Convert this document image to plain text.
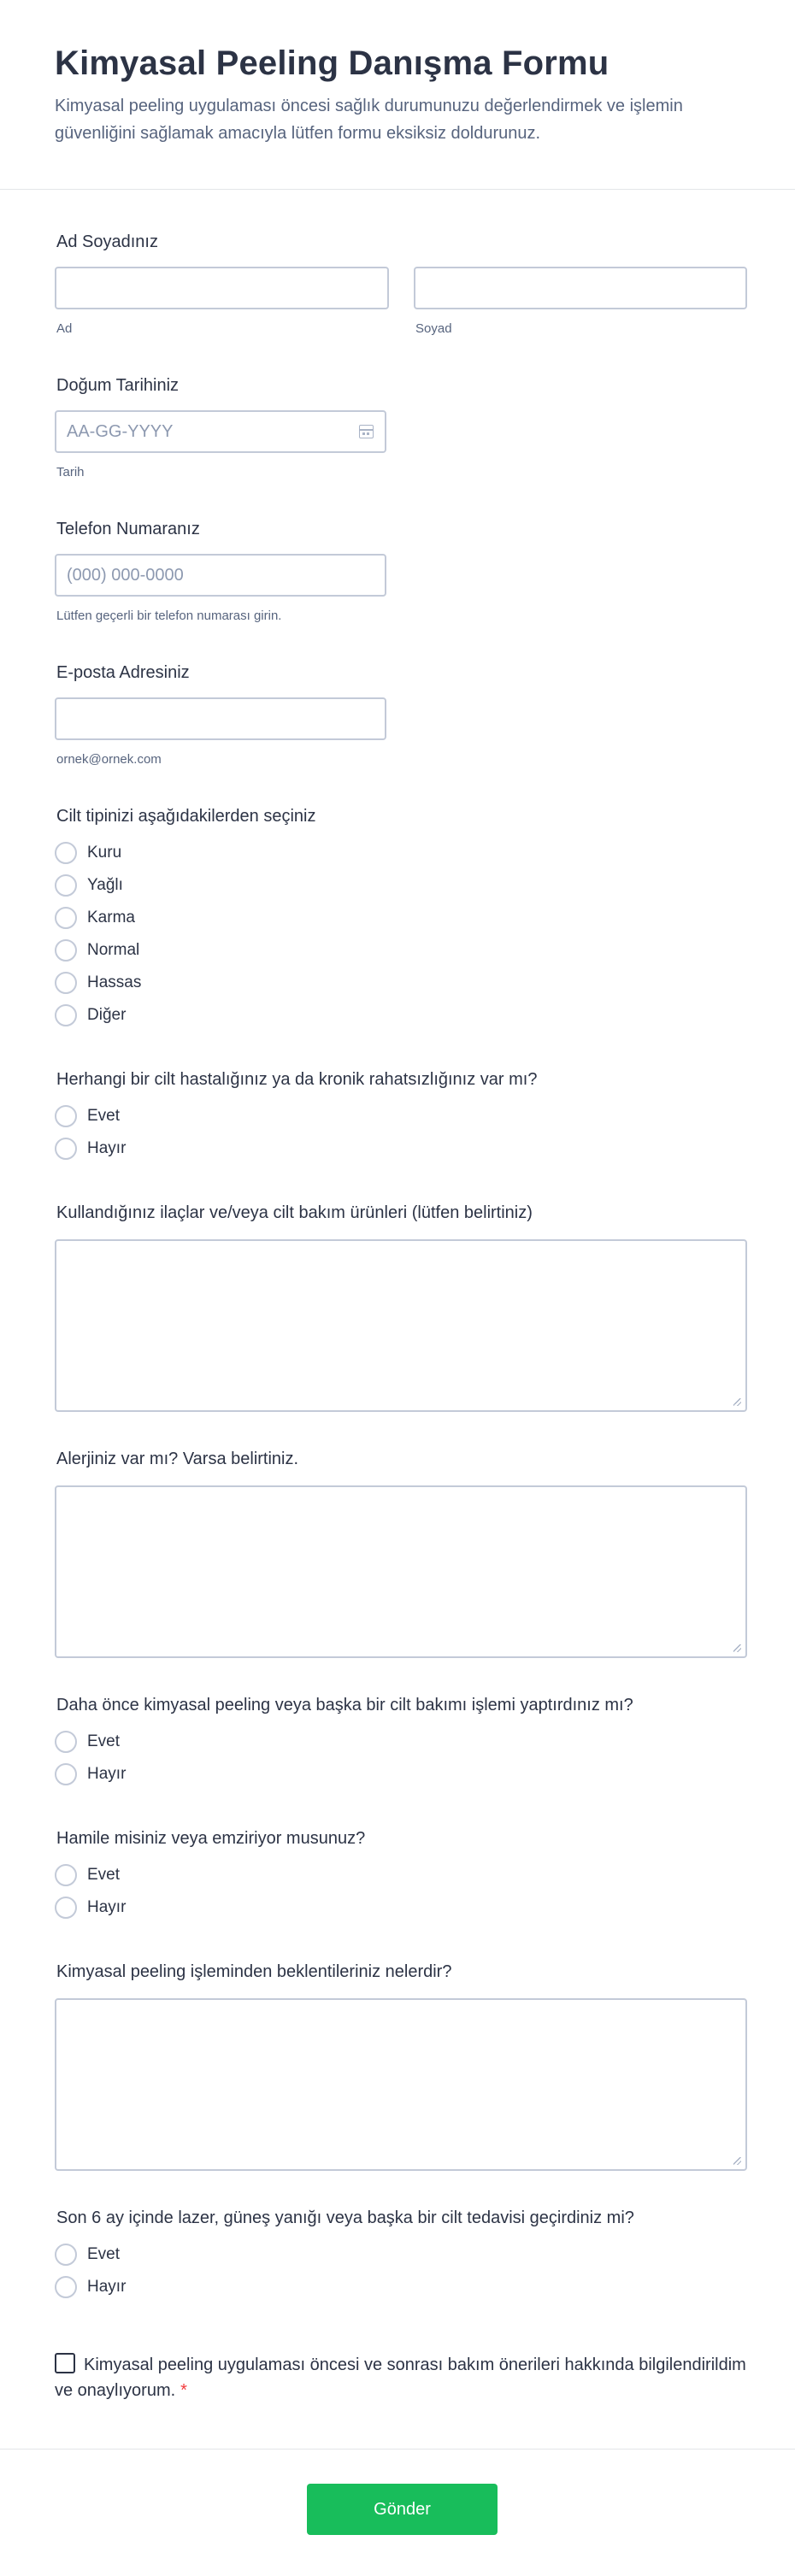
Kimyasal Peeling Danışma Formu

Kimyasal peeling uygulaması öncesi sağlık durumunuzu değerlendirmek ve işlemin güvenliğini sağlamak amacıyla lütfen formu eksiksiz doldurunuz.

Ad Soyadınız
Ad	Soyad
Doğum Tarihiniz
AA-GG-YYYY
Tarih
Telefon Numaranız
(000) 000-0000
Lütfen geçerli bir telefon numarası girin.
E-posta Adresiniz
ornek@ornek.com
Cilt tipinizi aşağıdakilerden seçiniz
Kuru
Yağlı
Karma
Normal
Hassas
Diğer
Herhangi bir cilt hastalığınız ya da kronik rahatsızlığınız var mı?
Evet
Hayır
Kullandığınız ilaçlar ve/veya cilt bakım ürünleri (lütfen belirtiniz)
Alerjiniz var mı? Varsa belirtiniz.
Daha önce kimyasal peeling veya başka bir cilt bakımı işlemi yaptırdınız mı?
Evet
Hayır
Hamile misiniz veya emziriyor musunuz?
Evet
Hayır
Kimyasal peeling işleminden beklentileriniz nelerdir?
Son 6 ay içinde lazer, güneş yanığı veya başka bir cilt tedavisi geçirdiniz mi?
Evet
Hayır
Kimyasal peeling uygulaması öncesi ve sonrası bakım önerileri hakkında bilgilendirildim ve onaylıyorum. *
Gönder
